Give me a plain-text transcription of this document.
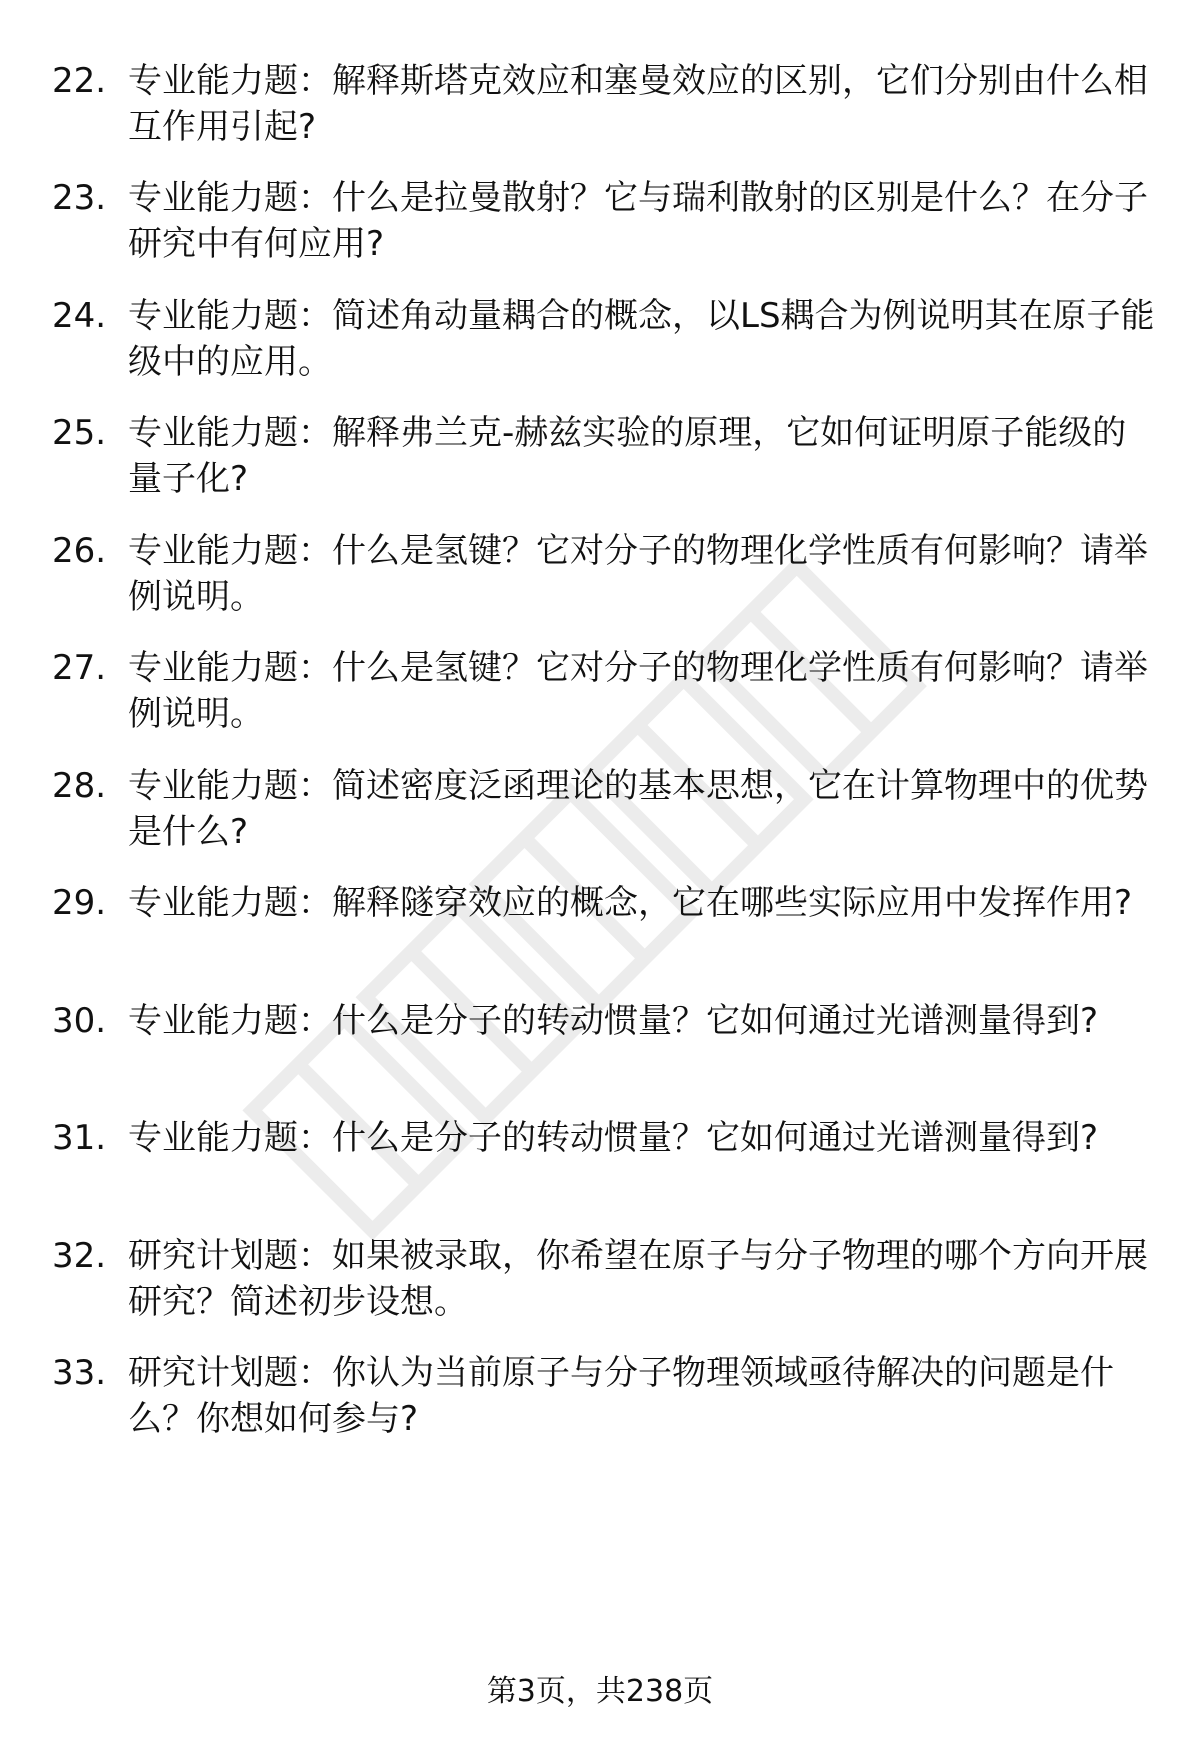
22. 专业能力题：解释斯塔克效应和塞曼效应的区别，它们分别由什么相互作用引起?
23. 专业能力题：什么是拉曼散射？它与瑞利散射的区别是什么？在分子研究中有何应用?
24. 专业能力题：简述角动量耦合的概念，以LS耦合为例说明其在原子能级中的应用。
25. 专业能力题：解释弗兰克-赫兹实验的原理，它如何证明原子能级的量子化?
26. 专业能力题：什么是氢键？它对分子的物理化学性质有何影响？请举例说明。
27. 专业能力题：什么是氢键？它对分子的物理化学性质有何影响？请举例说明。
28. 专业能力题：简述密度泛函理论的基本思想，它在计算物理中的优势是什么?
29. 专业能力题：解释隧穿效应的概念，它在哪些实际应用中发挥作用?
30. 专业能力题：什么是分子的转动惯量？它如何通过光谱测量得到?
31. 专业能力题：什么是分子的转动惯量？它如何通过光谱测量得到?
32. 研究计划题：如果被录取，你希望在原子与分子物理的哪个方向开展研究？简述初步设想。
33. 研究计划题：你认为当前原子与分子物理领域亟待解决的问题是什么？你想如何参与?
第3页，共238页
